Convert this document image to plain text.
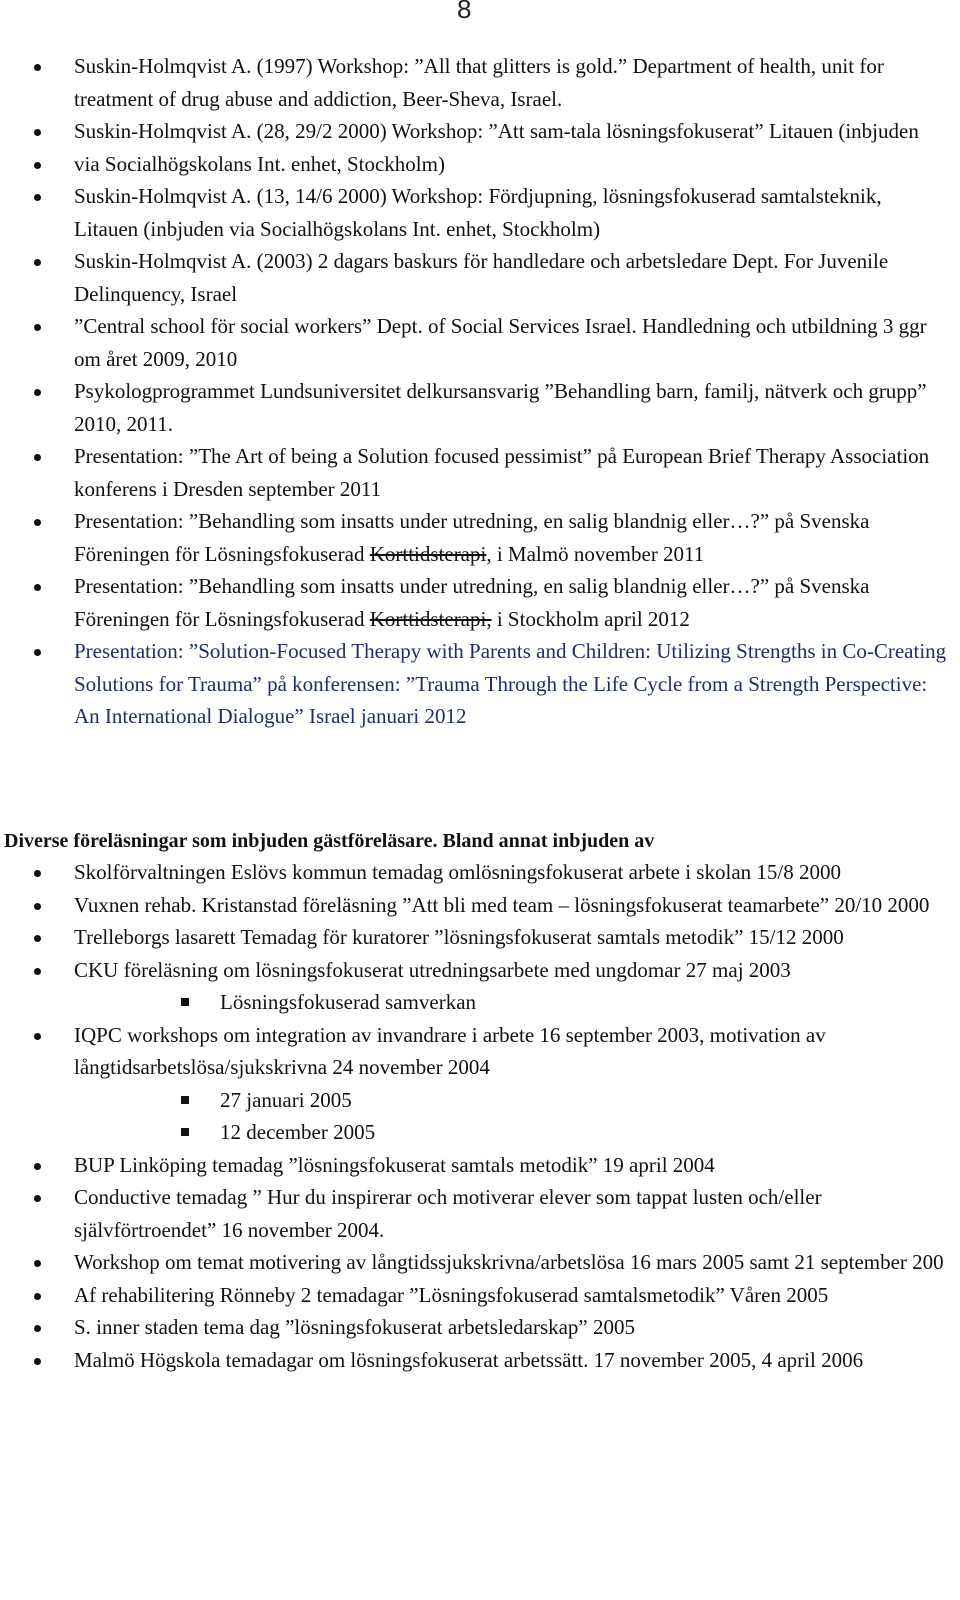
8
Suskin-Holmqvist A. (1997) Workshop: ”All that glitters is gold.” Department of health, unit for treatment of drug abuse and addiction, Beer-Sheva, Israel.
Suskin-Holmqvist A. (28, 29/2 2000) Workshop: ”Att sam-tala lösningsfokuserat” Litauen (inbjuden
via Socialhögskolans Int. enhet, Stockholm)
Suskin-Holmqvist A. (13, 14/6 2000) Workshop: Fördjupning, lösningsfokuserad samtalsteknik, Litauen (inbjuden via Socialhögskolans Int. enhet, Stockholm)
Suskin-Holmqvist A. (2003) 2 dagars baskurs för handledare och arbetsledare Dept. For Juvenile Delinquency, Israel
”Central school för social workers” Dept. of Social Services Israel. Handledning och utbildning 3 ggr om året 2009, 2010
Psykologprogrammet Lundsuniversitet delkursansvarig ”Behandling barn, familj, nätverk och grupp” 2010, 2011.
Presentation: ”The Art of being a Solution focused pessimist” på European Brief Therapy Association konferens i Dresden september 2011
Presentation: ”Behandling som insatts under utredning, en salig blandnig eller…?” på Svenska Föreningen för Lösningsfokuserad Korttidsterapi, i Malmö november 2011
Presentation: ”Behandling som insatts under utredning, en salig blandnig eller…?” på Svenska Föreningen för Lösningsfokuserad Korttidsterapi, i Stockholm april 2012
Presentation: ”Solution-Focused Therapy with Parents and Children: Utilizing Strengths in Co-Creating Solutions for Trauma” på konferensen: ”Trauma Through the Life Cycle from a Strength Perspective: An International Dialogue” Israel januari 2012
Diverse föreläsningar som inbjuden gästföreläsare. Bland annat inbjuden av
Skolförvaltningen Eslövs kommun temadag omlösningsfokuserat arbete i skolan 15/8 2000
Vuxnen rehab. Kristanstad föreläsning ”Att bli med team – lösningsfokuserat teamarbete” 20/10 2000
Trelleborgs lasarett Temadag för kuratorer ”lösningsfokuserat samtals metodik” 15/12 2000
CKU föreläsning om lösningsfokuserat utredningsarbete med ungdomar 27 maj 2003
Lösningsfokuserad samverkan
IQPC workshops om integration av invandrare i arbete 16 september 2003, motivation av långtidsarbetslösa/sjukskrivna 24 november 2004
27 januari 2005
12 december 2005
BUP Linköping temadag ”lösningsfokuserat samtals metodik” 19 april 2004
Conductive temadag ” Hur du inspirerar och motiverar elever som tappat lusten och/eller självförtroendet” 16 november 2004.
Workshop om temat motivering av långtidssjukskrivna/arbetslösa 16 mars 2005 samt 21 september 200
Af rehabilitering Rönneby 2 temadagar ”Lösningsfokuserad samtalsmetodik” Våren 2005
S. inner staden tema dag ”lösningsfokuserat arbetsledarskap” 2005
Malmö Högskola temadagar om lösningsfokuserat arbetssätt. 17 november 2005, 4 april 2006
